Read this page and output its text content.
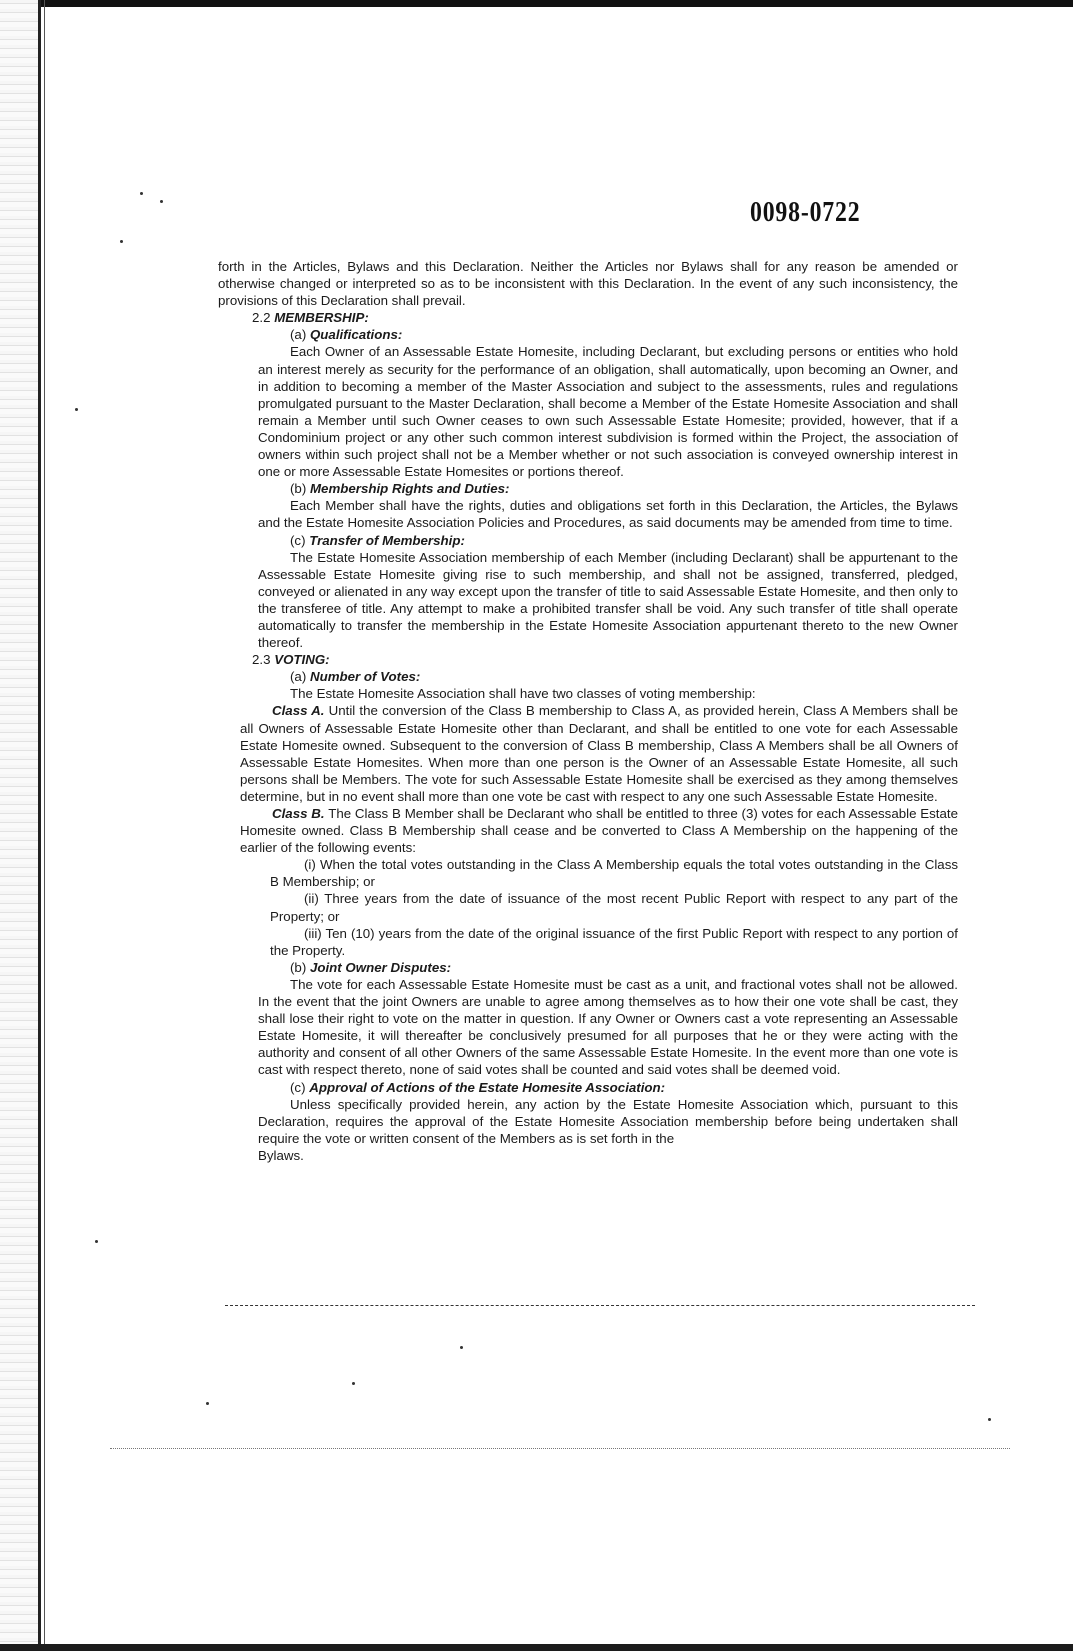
0098-0722

forth in the Articles, Bylaws and this Declaration. Neither the Articles nor Bylaws shall for any reason be amended or otherwise changed or interpreted so as to be inconsistent with this Declaration. In the event of any such inconsistency, the provisions of this Declaration shall prevail.

2.2 MEMBERSHIP:

(a) Qualifications:

Each Owner of an Assessable Estate Homesite, including Declarant, but excluding persons or entities who hold an interest merely as security for the performance of an obligation, shall automatically, upon becoming an Owner, and in addition to becoming a member of the Master Association and subject to the assessments, rules and regulations promulgated pursuant to the Master Declaration, shall become a Member of the Estate Homesite Association and shall remain a Member until such Owner ceases to own such Assessable Estate Homesite; provided, however, that if a Condominium project or any other such common interest subdivision is formed within the Project, the association of owners within such project shall not be a Member whether or not such association is conveyed ownership interest in one or more Assessable Estate Homesites or portions thereof.

(b) Membership Rights and Duties:

Each Member shall have the rights, duties and obligations set forth in this Declaration, the Articles, the Bylaws and the Estate Homesite Association Policies and Procedures, as said documents may be amended from time to time.

(c) Transfer of Membership:

The Estate Homesite Association membership of each Member (including Declarant) shall be appurtenant to the Assessable Estate Homesite giving rise to such membership, and shall not be assigned, transferred, pledged, conveyed or alienated in any way except upon the transfer of title to said Assessable Estate Homesite, and then only to the transferee of title. Any attempt to make a prohibited transfer shall be void. Any such transfer of title shall operate automatically to transfer the membership in the Estate Homesite Association appurtenant thereto to the new Owner thereof.

2.3 VOTING:

(a) Number of Votes:

The Estate Homesite Association shall have two classes of voting membership:

Class A. Until the conversion of the Class B membership to Class A, as provided herein, Class A Members shall be all Owners of Assessable Estate Homesite other than Declarant, and shall be entitled to one vote for each Assessable Estate Homesite owned. Subsequent to the conversion of Class B membership, Class A Members shall be all Owners of Assessable Estate Homesites. When more than one person is the Owner of an Assessable Estate Homesite, all such persons shall be Members. The vote for such Assessable Estate Homesite shall be exercised as they among themselves determine, but in no event shall more than one vote be cast with respect to any one such Assessable Estate Homesite.

Class B. The Class B Member shall be Declarant who shall be entitled to three (3) votes for each Assessable Estate Homesite owned. Class B Membership shall cease and be converted to Class A Membership on the happening of the earlier of the following events:

(i) When the total votes outstanding in the Class A Membership equals the total votes outstanding in the Class B Membership; or

(ii) Three years from the date of issuance of the most recent Public Report with respect to any part of the Property; or

(iii) Ten (10) years from the date of the original issuance of the first Public Report with respect to any portion of the Property.

(b) Joint Owner Disputes:

The vote for each Assessable Estate Homesite must be cast as a unit, and fractional votes shall not be allowed. In the event that the joint Owners are unable to agree among themselves as to how their one vote shall be cast, they shall lose their right to vote on the matter in question. If any Owner or Owners cast a vote representing an Assessable Estate Homesite, it will thereafter be conclusively presumed for all purposes that he or they were acting with the authority and consent of all other Owners of the same Assessable Estate Homesite. In the event more than one vote is cast with respect thereto, none of said votes shall be counted and said votes shall be deemed void.

(c) Approval of Actions of the Estate Homesite Association:

Unless specifically provided herein, any action by the Estate Homesite Association which, pursuant to this Declaration, requires the approval of the Estate Homesite Association membership before being undertaken shall require the vote or written consent of the Members as is set forth in the

Bylaws.
